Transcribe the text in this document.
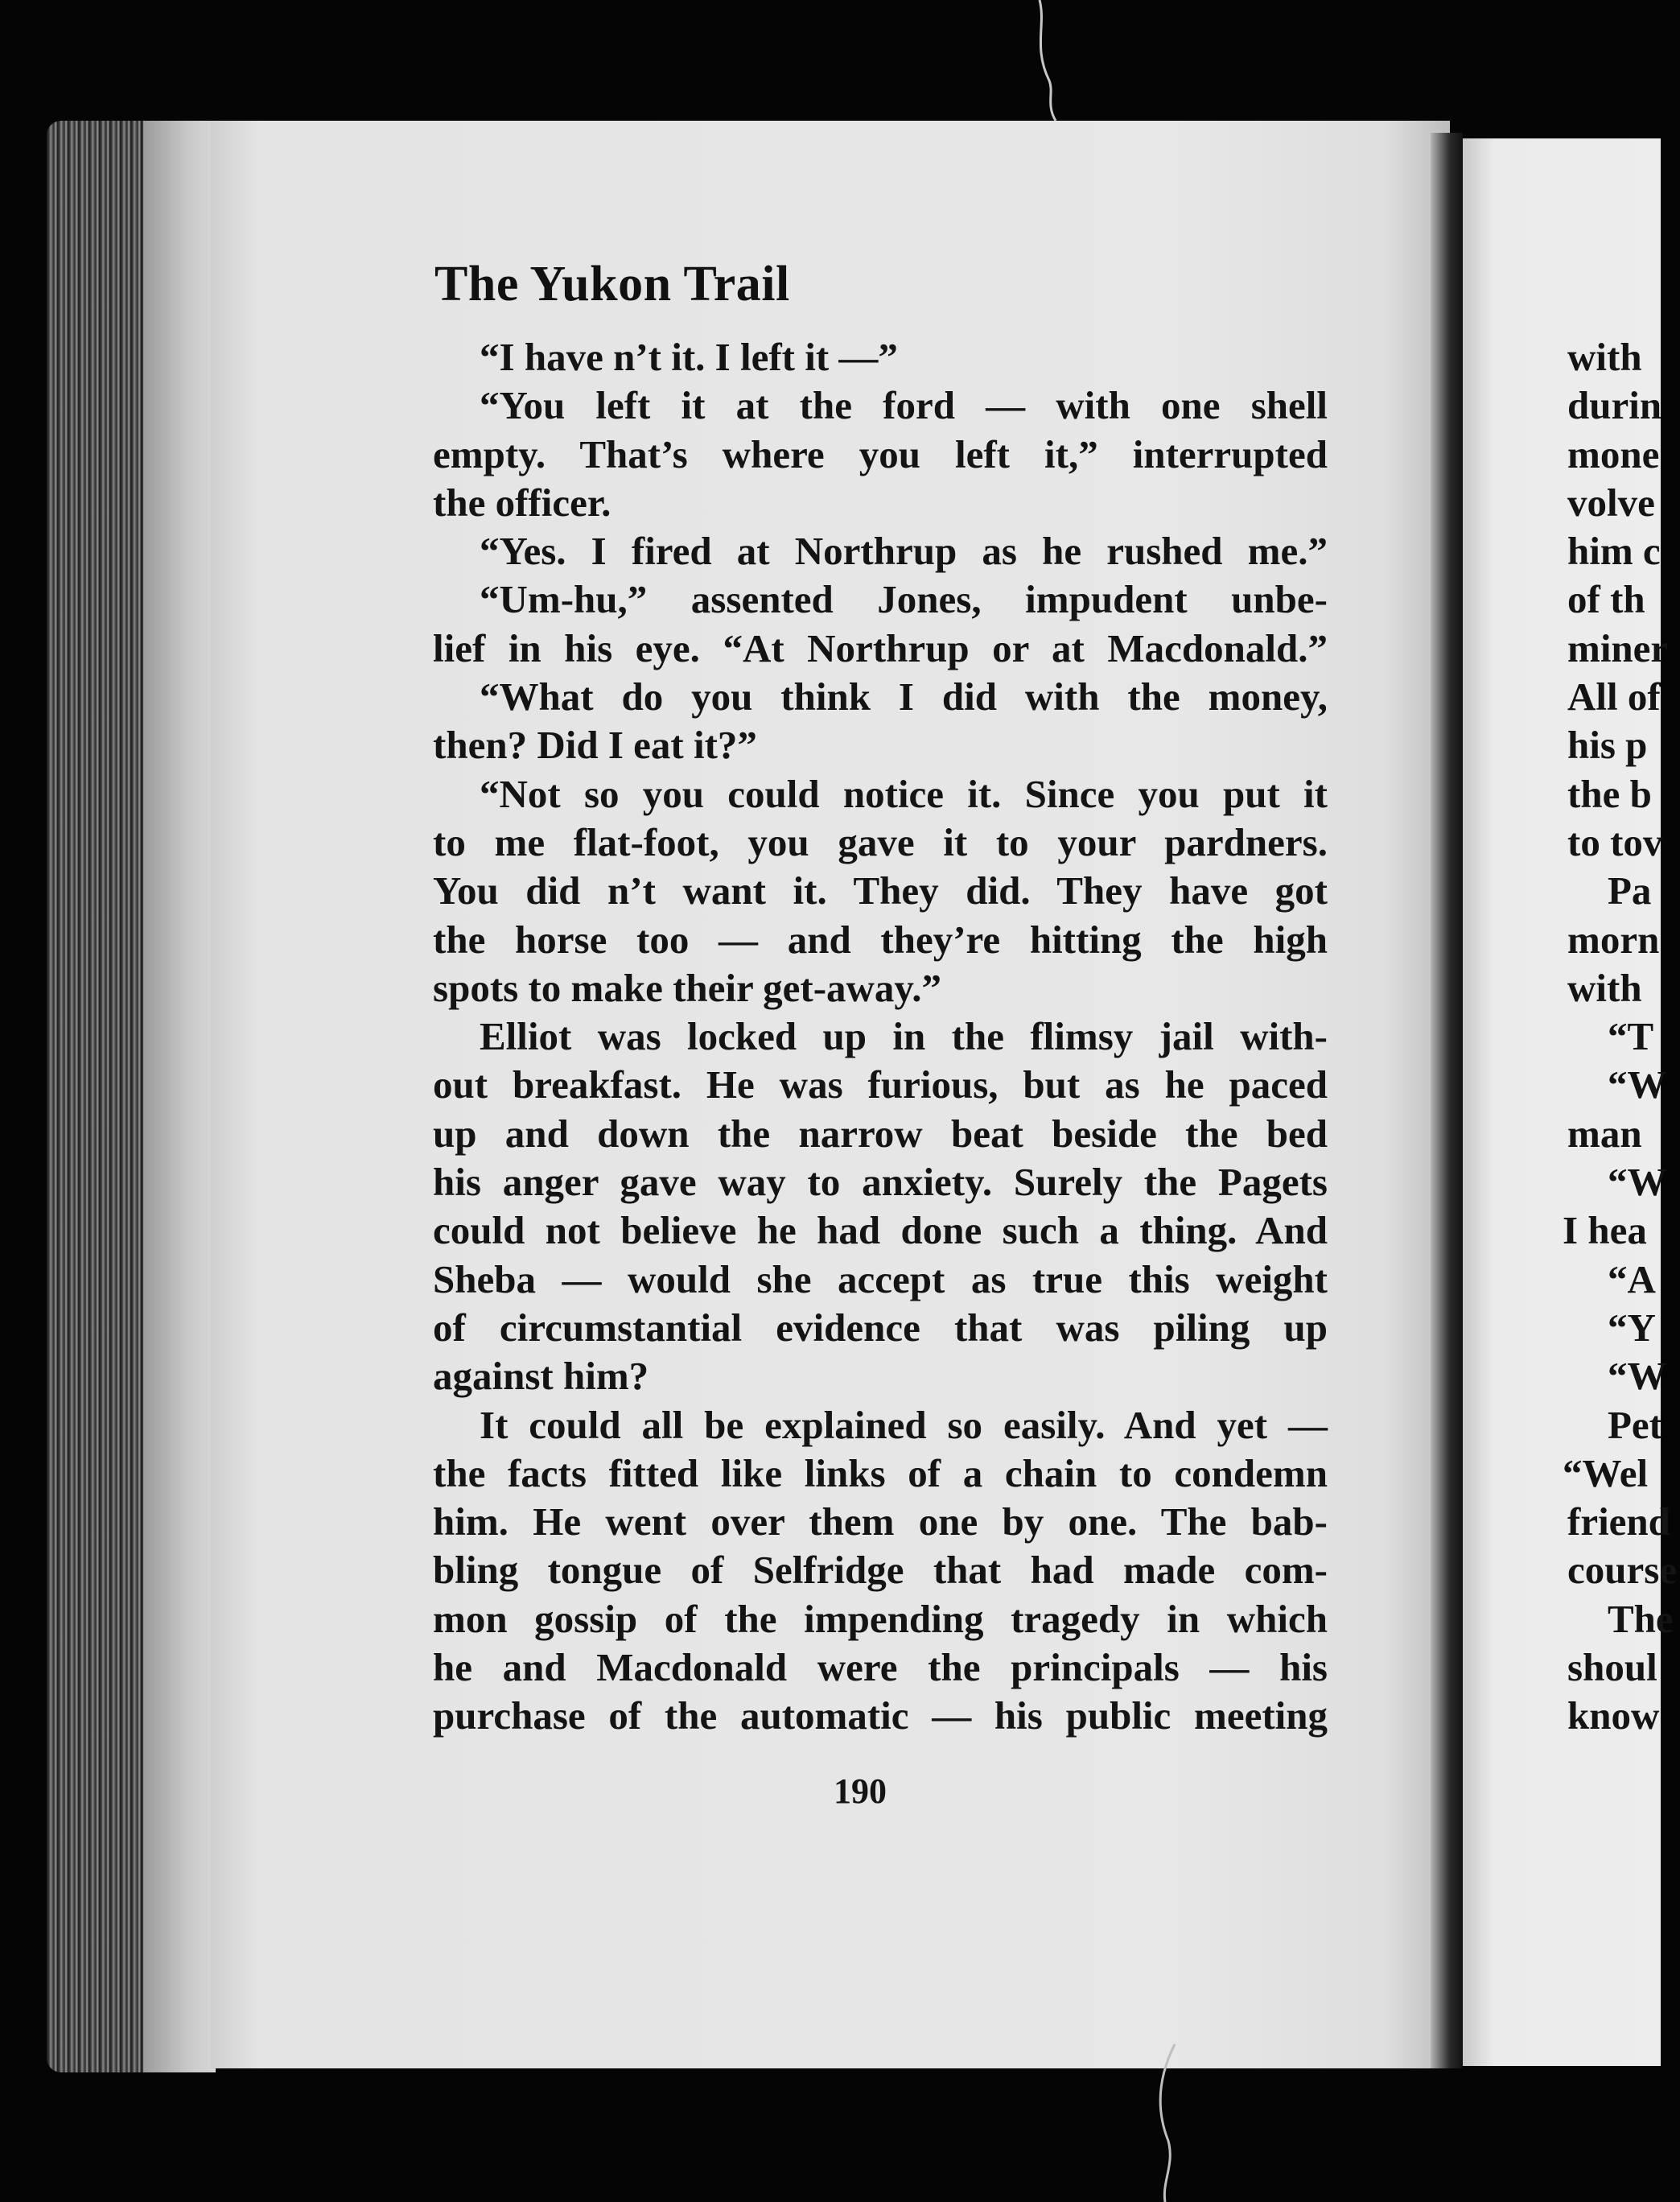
The Yukon Trail
“I have n’t it. I left it —”
“You left it at the ford — with one shell
empty. That’s where you left it,” interrupted
the officer.
“Yes. I fired at Northrup as he rushed me.”
“Um-hu,” assented Jones, impudent unbe-
lief in his eye. “At Northrup or at Macdonald.”
“What do you think I did with the money,
then? Did I eat it?”
“Not so you could notice it. Since you put it
to me flat-foot, you gave it to your pardners.
You did n’t want it. They did. They have got
the horse too — and they’re hitting the high
spots to make their get-away.”
Elliot was locked up in the flimsy jail with-
out breakfast. He was furious, but as he paced
up and down the narrow beat beside the bed
his anger gave way to anxiety. Surely the Pagets
could not believe he had done such a thing. And
Sheba — would she accept as true this weight
of circumstantial evidence that was piling up
against him?
It could all be explained so easily. And yet —
the facts fitted like links of a chain to condemn
him. He went over them one by one. The bab-
bling tongue of Selfridge that had made com-
mon gossip of the impending tragedy in which
he and Macdonald were the principals — his
purchase of the automatic — his public meeting
190
with
durin
mone
volve
him c
of th
miner
All of
his p
the b
to tov
Pa
morn
with
“T
“W
man
“W
I hea
“A
“Y
“W
Pet
“Wel
friend
course
The
shoul
know
